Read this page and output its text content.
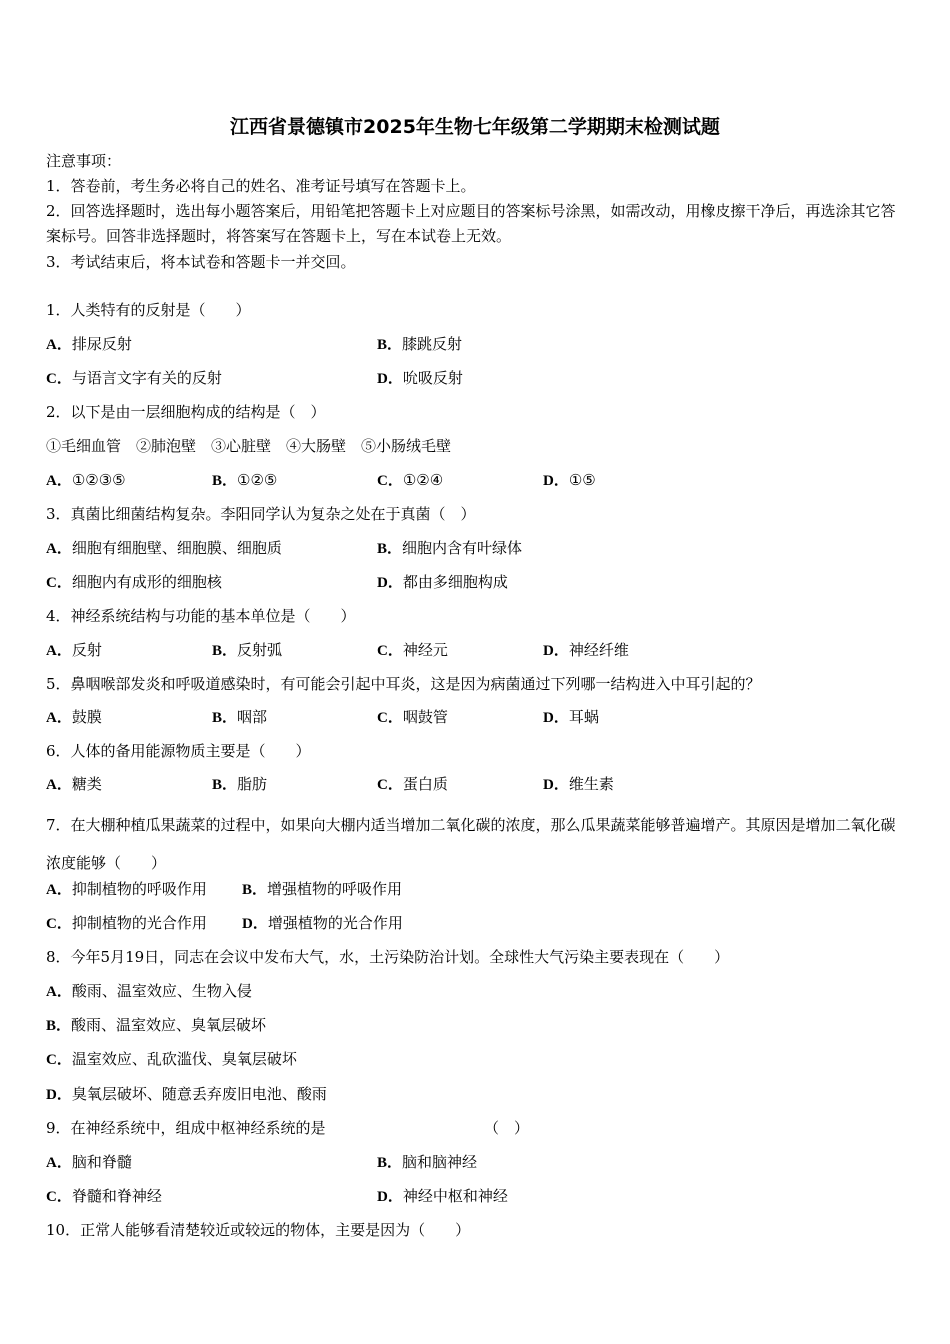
江西省景德镇市2025年生物七年级第二学期期末检测试题
注意事项：
1．答卷前，考生务必将自己的姓名、准考证号填写在答题卡上。
2．回答选择题时，选出每小题答案后，用铅笔把答题卡上对应题目的答案标号涂黑，如需改动，用橡皮擦干净后，再选涂其它答案标号。回答非选择题时，将答案写在答题卡上，写在本试卷上无效。
3．考试结束后，将本试卷和答题卡一并交回。
1．人类特有的反射是（　　）
A．排尿反射	B．膝跳反射
C．与语言文字有关的反射	D．吮吸反射
2．以下是由一层细胞构成的结构是（　）
①毛细血管　②肺泡壁　③心脏壁　④大肠壁　⑤小肠绒毛壁
A．①②③⑤	B．①②⑤	C．①②④	D．①⑤
3．真菌比细菌结构复杂。李阳同学认为复杂之处在于真菌（　）
A．细胞有细胞壁、细胞膜、细胞质	B．细胞内含有叶绿体
C．细胞内有成形的细胞核	D．都由多细胞构成
4．神经系统结构与功能的基本单位是（　　）
A．反射	B．反射弧	C．神经元	D．神经纤维
5．鼻咽喉部发炎和呼吸道感染时，有可能会引起中耳炎，这是因为病菌通过下列哪一结构进入中耳引起的？
A．鼓膜	B．咽部	C．咽鼓管	D．耳蜗
6．人体的备用能源物质主要是（　　）
A．糖类	B．脂肪	C．蛋白质	D．维生素
7．在大棚种植瓜果蔬菜的过程中，如果向大棚内适当增加二氧化碳的浓度，那么瓜果蔬菜能够普遍增产。其原因是增加二氧化碳浓度能够（　　）
A．抑制植物的呼吸作用 B．增强植物的呼吸作用
C．抑制植物的光合作用 D．增强植物的光合作用
8．今年5月19日，同志在会议中发布大气，水，土污染防治计划。全球性大气污染主要表现在（　　）
A．酸雨、温室效应、生物入侵
B．酸雨、温室效应、臭氧层破坏
C．温室效应、乱砍滥伐、臭氧层破坏
D．臭氧层破坏、随意丢弃废旧电池、酸雨
9．在神经系统中，组成中枢神经系统的是	（　）
A．脑和脊髓	B．脑和脑神经
C．脊髓和脊神经	D．神经中枢和神经
10．正常人能够看清楚较近或较远的物体，主要是因为（　　）
